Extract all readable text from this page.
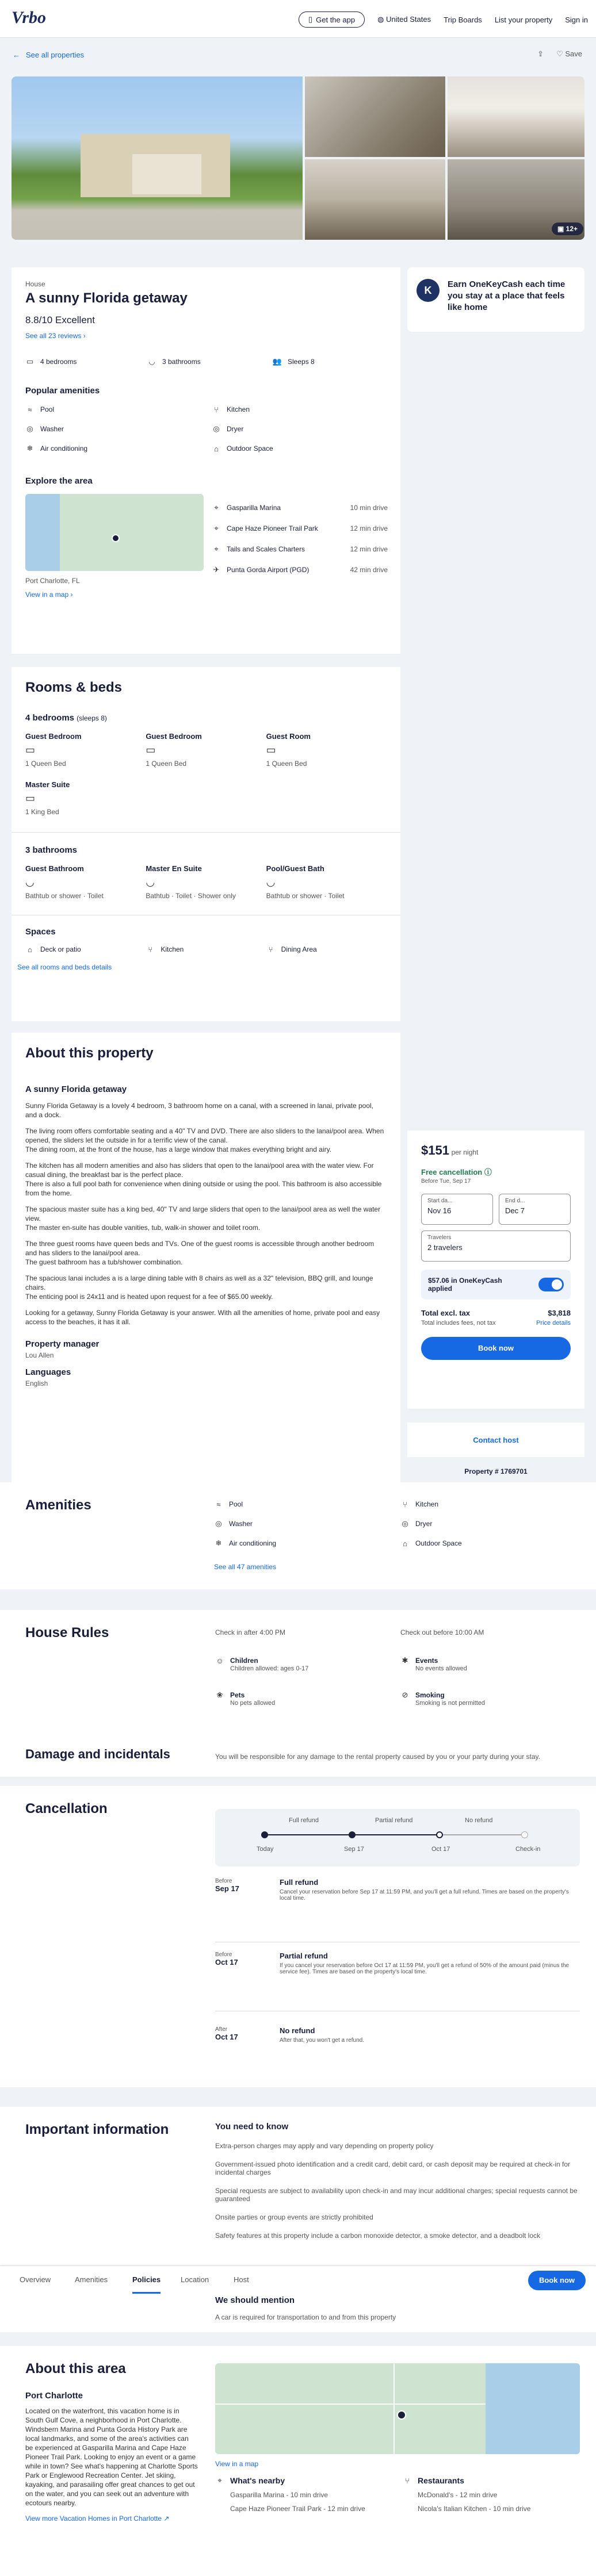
Vrbo	▯ Get the app	◍ United States Trip Boards List your property Sign in
← See all properties	⇪ ♡ Save
▣ 12+
House
A sunny Florida getaway
8.8/10 Excellent
See all 23 reviews ›
▭ 4 bedrooms	◡ 3 bathrooms	👥 Sleeps 8
Popular amenities
≈	Pool	⑂	Kitchen
◎ Washer	◎ Dryer
❄ Air conditioning	⌂	Outdoor Space
Explore the area
Port Charlotte, FL
View in a map ›
⌖	Gasparilla Marina	10 min drive
⌖	Cape Haze Pioneer Trail Park	12 min drive
⌖	Tails and Scales Charters	12 min drive
✈ Punta Gorda Airport (PGD)	42 min drive
K	Earn OneKeyCash each time you stay at a place that feels like home
Rooms & beds
4 bedrooms (sleeps 8)
Guest Bedroom
▭
1 Queen Bed
Guest Bedroom
▭
1 Queen Bed
Guest Room
▭
1 Queen Bed
Master Suite
▭
1 King Bed
3 bathrooms
Guest Bathroom
◡
Bathtub or shower · Toilet
Master En Suite
◡
Bathtub · Toilet · Shower only
Pool/Guest Bath
◡
Bathtub or shower · Toilet
Spaces
⌂	Deck or patio	⑂	Kitchen	⑂	Dining Area
See all rooms and beds details
About this property
A sunny Florida getaway
Sunny Florida Getaway is a lovely 4 bedroom, 3 bathroom home on a canal, with a screened in lanai, private pool, and a dock.
The living room offers comfortable seating and a 40" TV and DVD. There are also sliders to the lanai/pool area. When opened, the sliders let the outside in for a terrific view of the canal.
The dining room, at the front of the house, has a large window that makes everything bright and airy.
The kitchen has all modern amenities and also has sliders that open to the lanai/pool area with the water view. For casual dining, the breakfast bar is the perfect place.
There is also a full pool bath for convenience when dining outside or using the pool. This bathroom is also accessible from the home.
The spacious master suite has a king bed, 40" TV and large sliders that open to the lanai/pool area as well the water view.
The master en-suite has double vanities, tub, walk-in shower and toilet room.
The three guest rooms have queen beds and TVs. One of the guest rooms is accessible through another bedroom and has sliders to the lanai/pool area.
The guest bathroom has a tub/shower combination.
The spacious lanai includes a is a large dining table with 8 chairs as well as a 32" television, BBQ grill, and lounge chairs.
The enticing pool is 24x11 and is heated upon request for a fee of $65.00 weekly.
Looking for a getaway, Sunny Florida Getaway is your answer. With all the amenities of home, private pool and easy access to the beaches, it has it all.
Property manager
Lou Allen
Languages
English
$151 per night
Free cancellation ⓘ
Before Tue, Sep 17
Start da...
Nov 16
End d...
Dec 7
Travelers
2 travelers
$57.06 in OneKeyCash applied
Total excl. tax	$3,818
Total includes fees, not tax	Price details
Book now
Contact host
Property # 1769701
Amenities	≈	Pool	⑂	Kitchen
◎ Washer	◎ Dryer
❄ Air conditioning	⌂	Outdoor Space
See all 47 amenities
House Rules	Check in after 4:00 PM	Check out before 10:00 AM
☺ Children
Children allowed: ages 0-17
✱ Events
No events allowed
❀ Pets
No pets allowed
⊘ Smoking
Smoking is not permitted
Damage and incidentals	You will be responsible for any damage to the rental property caused by you or your party during your stay.
Cancellation
Full refund	Partial refund	No refund
Today	Sep 17	Oct 17	Check-in
Before
Sep 17
Full refund
Cancel your reservation before Sep 17 at 11:59 PM, and you'll get a full refund. Times are based on the property's local time.
Before
Oct 17
Partial refund
If you cancel your reservation before Oct 17 at 11:59 PM, you'll get a refund of 50% of the amount paid (minus the service fee). Times are based on the property's local time.
After
Oct 17
No refund
After that, you won't get a refund.
Important information	You need to know
Extra-person charges may apply and vary depending on property policy
Government-issued photo identification and a credit card, debit card, or cash deposit may be required at check-in for incidental charges
Special requests are subject to availability upon check-in and may incur additional charges; special requests cannot be guaranteed
Onsite parties or group events are strictly prohibited
Safety features at this property include a carbon monoxide detector, a smoke detector, and a deadbolt lock
Overview	Amenities	Policies	Location	Host	Book now
We should mention
A car is required for transportation to and from this property
About this area
Port Charlotte
Located on the waterfront, this vacation home is in South Gulf Cove, a neighborhood in Port Charlotte. Windsbern Marina and Punta Gorda History Park are local landmarks, and some of the area's activities can be experienced at Gasparilla Marina and Cape Haze Pioneer Trail Park. Looking to enjoy an event or a game while in town? See what's happening at Charlotte Sports Park or Englewood Recreation Center. Jet skiing, kayaking, and parasailing offer great chances to get out on the water, and you can seek out an adventure with ecotours nearby.
View more Vacation Homes in Port Charlotte ↗
View in a map
⌖	What's nearby
Gasparilla Marina - 10 min drive
Cape Haze Pioneer Trail Park - 12 min drive
⑂ Restaurants
McDonald's - 12 min drive
Nicola's Italian Kitchen - 10 min drive
